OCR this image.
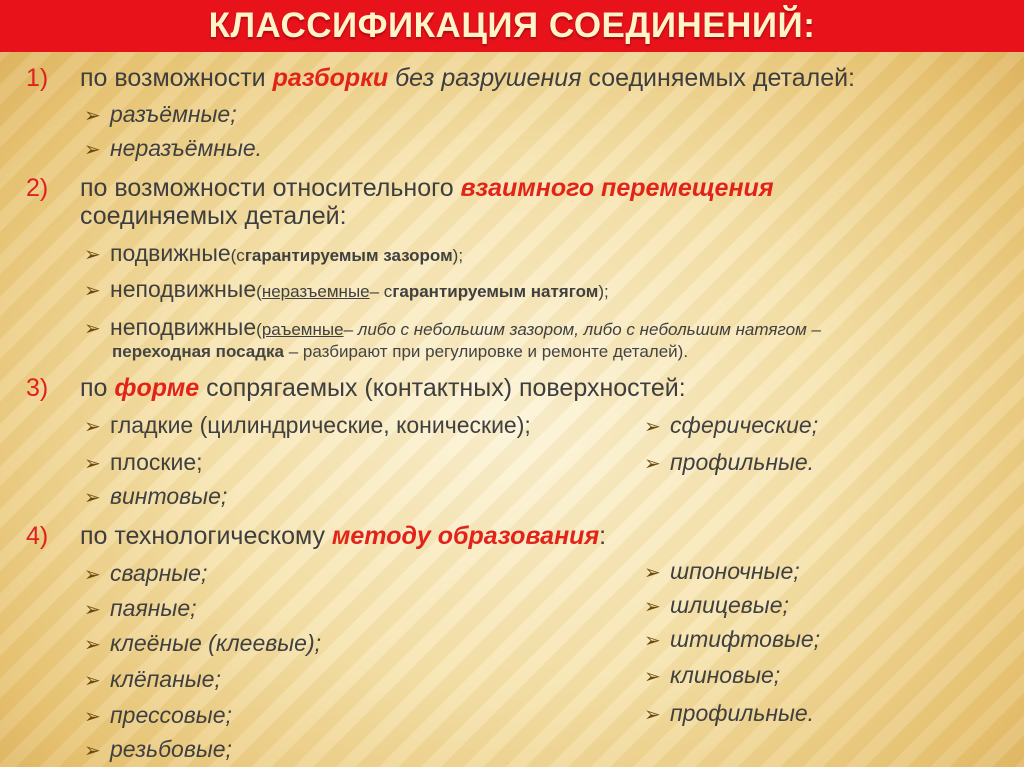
КЛАССИФИКАЦИЯ СОЕДИНЕНИЙ:
1) по возможности разборки без разрушения соединяемых деталей:
➢ разъёмные;
➢ неразъёмные.
2) по возможности относительного взаимного перемещения
соединяемых деталей:
➢ подвижные (с гарантируемым зазором );
➢ неподвижные ( неразъемные – с гарантируемым натягом );
➢ неподвижные ( раъемные – либо с небольшим зазором, либо с небольшим натягом –
переходная посадка – разбирают при регулировке и ремонте деталей).
3) по форме сопрягаемых (контактных) поверхностей:
➢ гладкие (цилиндрические, конические);
➢ плоские;
➢ винтовые;
➢ сферические;
➢ профильные.
4) по технологическому методу образования:
➢ сварные;
➢ паяные;
➢ клеёные (клеевые);
➢ клёпаные;
➢ прессовые;
➢ резьбовые;
➢ шпоночные;
➢ шлицевые;
➢ штифтовые;
➢ клиновые;
➢ профильные.
